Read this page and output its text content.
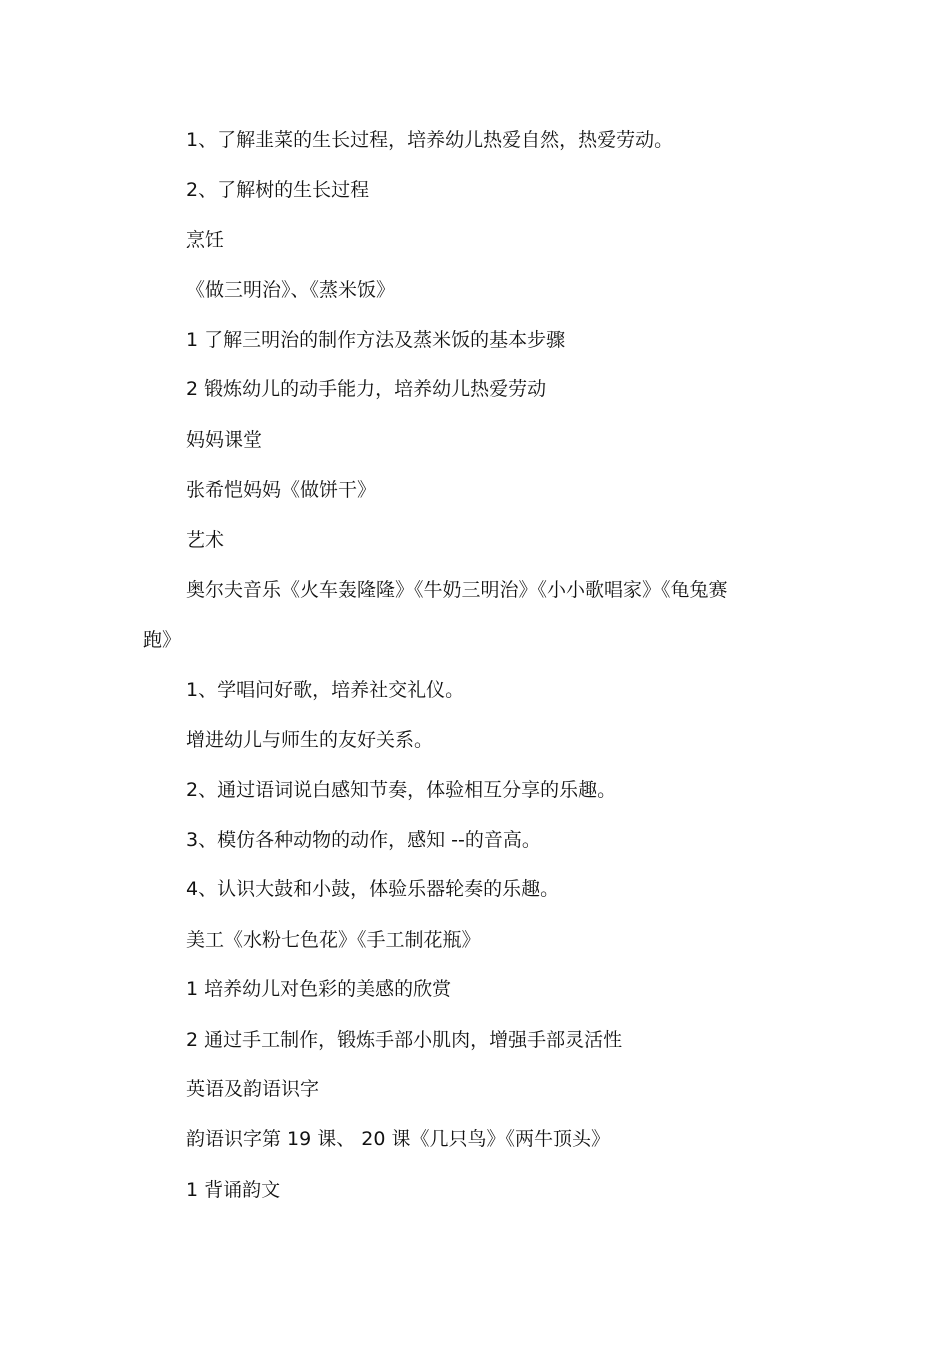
1、了解韭菜的生长过程，培养幼儿热爱自然，热爱劳动。
2、了解树的生长过程
烹饪
《做三明治》、《蒸米饭》
1 了解三明治的制作方法及蒸米饭的基本步骤
2 锻炼幼儿的动手能力，培养幼儿热爱劳动
妈妈课堂
张希恺妈妈《做饼干》
艺术
奥尔夫音乐《火车轰隆隆》《牛奶三明治》《小小歌唱家》《龟兔赛
跑》
1、学唱问好歌，培养社交礼仪。
增进幼儿与师生的友好关系。
2、通过语词说白感知节奏，体验相互分享的乐趣。
3、模仿各种动物的动作，感知 --的音高。
4、认识大鼓和小鼓，体验乐器轮奏的乐趣。
美工《水粉七色花》《手工制花瓶》
1 培养幼儿对色彩的美感的欣赏
2 通过手工制作，锻炼手部小肌肉，增强手部灵活性
英语及韵语识字
韵语识字第 19 课、 20 课《几只鸟》《两牛顶头》
1 背诵韵文
